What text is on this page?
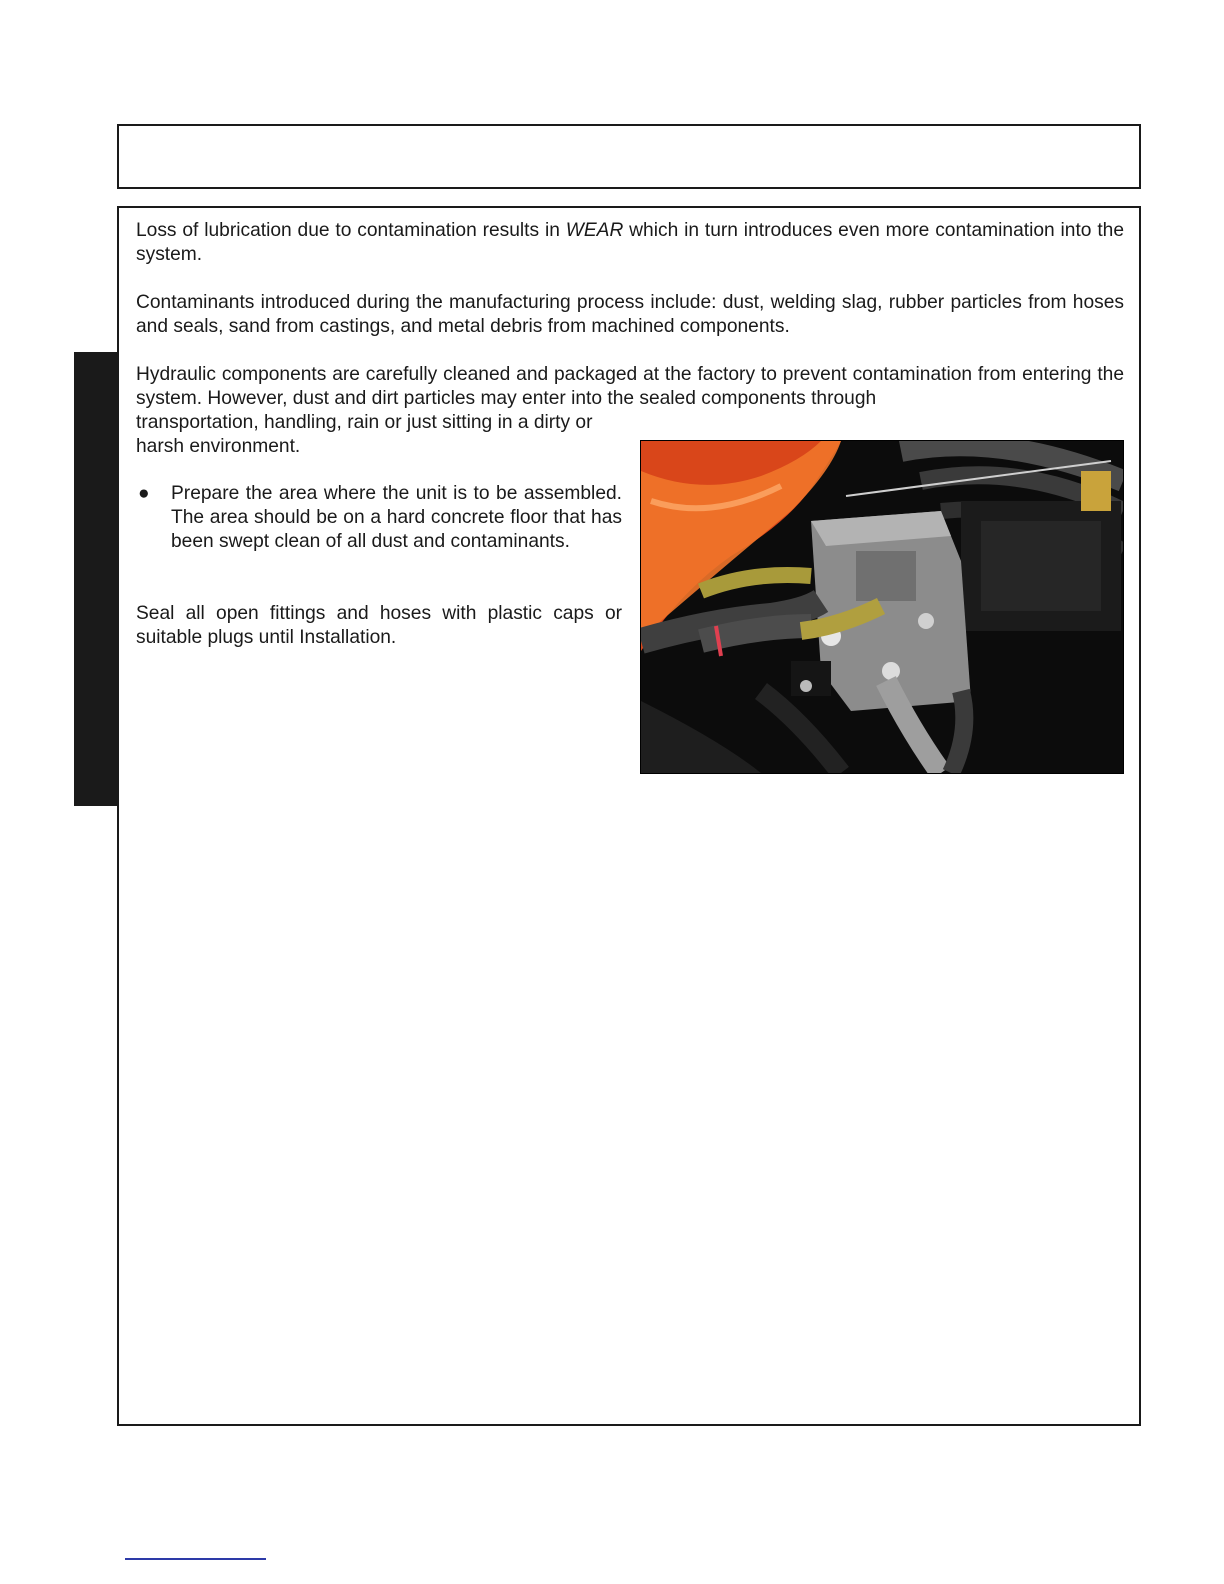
Loss of lubrication due to contamination results in WEAR which in turn introduces even more contamination into the system.

Contaminants introduced during the manufacturing process include: dust, welding slag, rubber particles from hoses and seals, sand from castings, and metal debris from machined components.

Hydraulic components are carefully cleaned and packaged at the factory to prevent contamination from entering the system. However, dust and dirt particles may enter into the sealed components through

transportation, handling, rain or just sitting in a dirty or harsh environment.

●	Prepare the area where the unit is to be assembled. The area should be on a hard concrete floor that has been swept clean of all dust and contaminants.

Seal all open fittings and hoses with plastic caps or suitable plugs until Installation.
